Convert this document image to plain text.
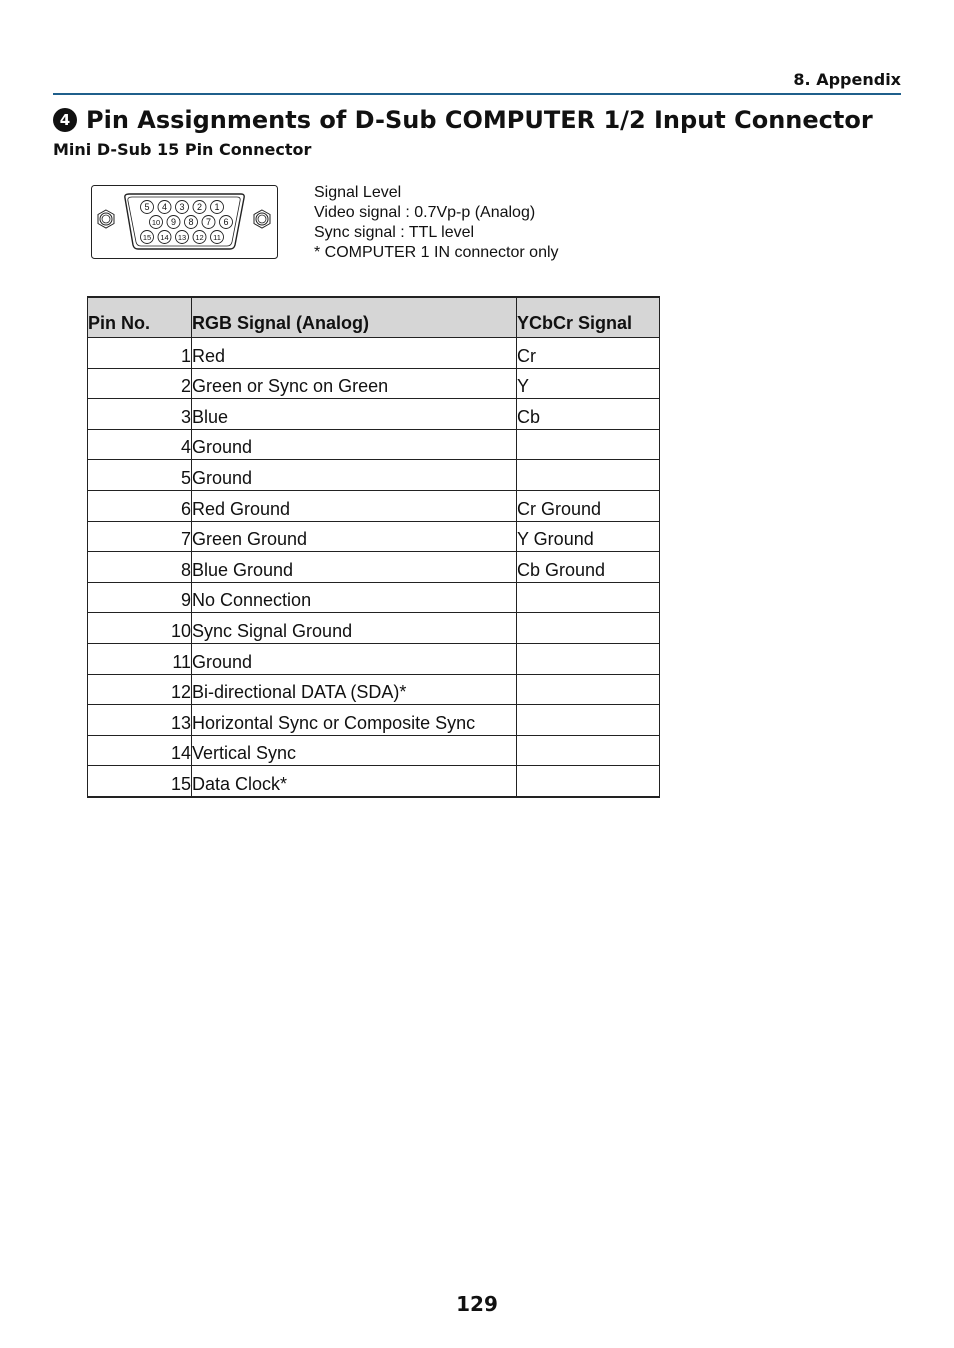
8. Appendix
4 Pin Assignments of D-Sub COMPUTER 1/2 Input Connector
Mini D-Sub 15 Pin Connector
5 4 3 2 1
10 9 8 7 6
15 14 13 12 11
Signal Level
Video signal : 0.7Vp-p (Analog)
Sync signal : TTL level
* COMPUTER 1 IN connector only
Pin No.	RGB Signal (Analog)	YCbCr Signal
1	Red	Cr
2	Green or Sync on Green	Y
3	Blue	Cb
4	Ground	
5	Ground	
6	Red Ground	Cr Ground
7	Green Ground	Y Ground
8	Blue Ground	Cb Ground
9	No Connection	
10	Sync Signal Ground	
11	Ground	
12	Bi-directional DATA (SDA)*	
13	Horizontal Sync or Composite Sync	
14	Vertical Sync	
15	Data Clock*	
129
